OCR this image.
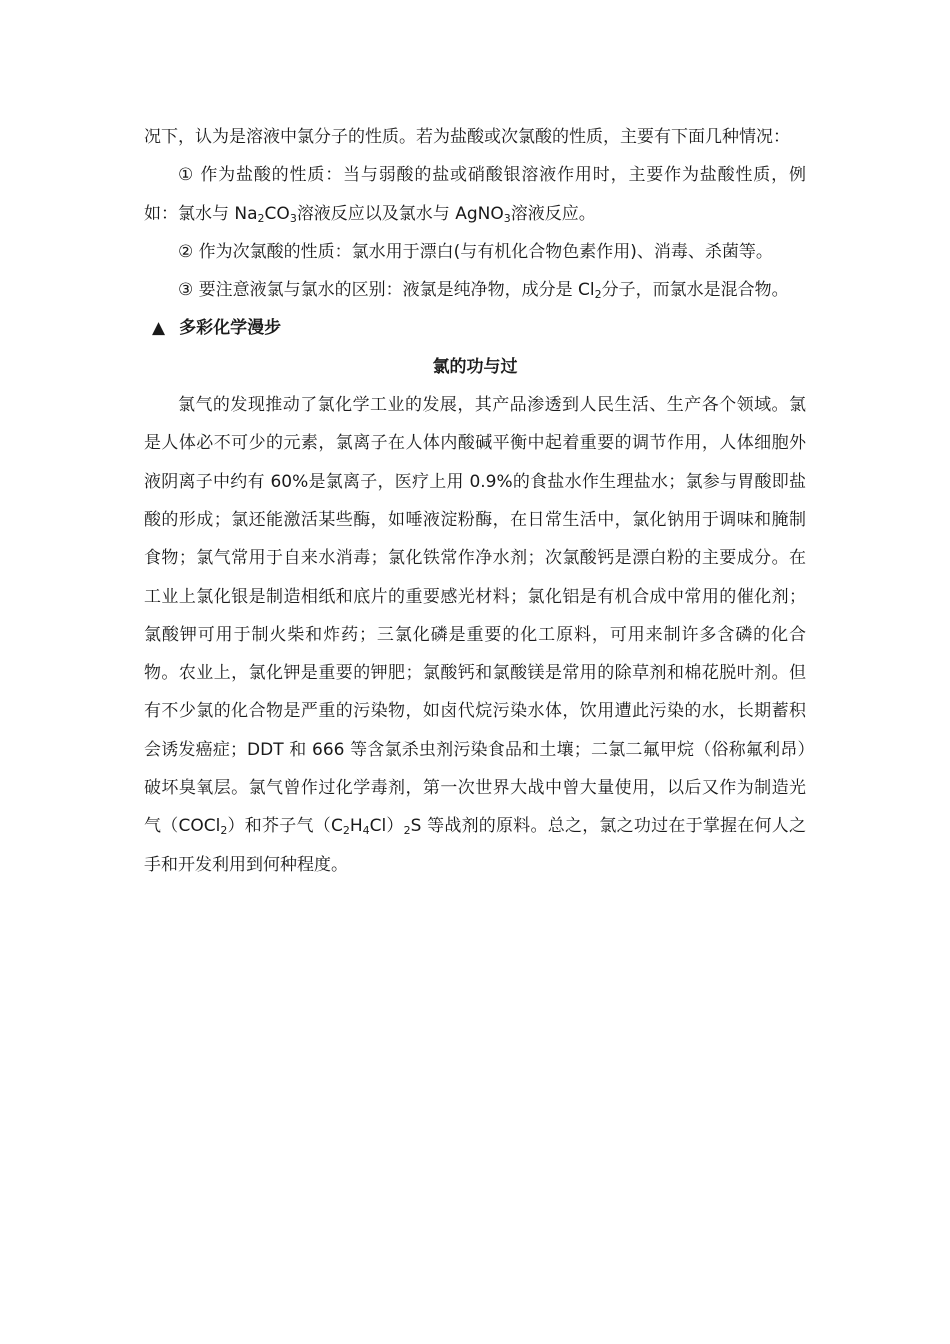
况下，认为是溶液中氯分子的性质。若为盐酸或次氯酸的性质，主要有下面几种情况：

① 作为盐酸的性质：当与弱酸的盐或硝酸银溶液作用时，主要作为盐酸性质，例如：氯水与 $Na_2CO_3$溶液反应以及氯水与 AgNO$_3$溶液反应。

② 作为次氯酸的性质：氯水用于漂白(与有机化合物色素作用)、消毒、杀菌等。

③ 要注意液氯与氯水的区别：液氯是纯净物，成分是 $Cl_2$分子，而氯水是混合物。

▲ 多彩化学漫步

氯的功与过

氯气的发现推动了氯化学工业的发展，其产品渗透到人民生活、生产各个领域。氯是人体必不可少的元素，氯离子在人体内酸碱平衡中起着重要的调节作用，人体细胞外液阴离子中约有 60%是氯离子，医疗上用 0.9%的食盐水作生理盐水；氯参与胃酸即盐酸的形成；氯还能激活某些酶，如唾液淀粉酶，在日常生活中，氯化钠用于调味和腌制食物；氯气常用于自来水消毒；氯化铁常作净水剂；次氯酸钙是漂白粉的主要成分。在工业上氯化银是制造相纸和底片的重要感光材料；氯化铝是有机合成中常用的催化剂；氯酸钾可用于制火柴和炸药；三氯化磷是重要的化工原料，可用来制许多含磷的化合物。农业上，氯化钾是重要的钾肥；氯酸钙和氯酸镁是常用的除草剂和棉花脱叶剂。但有不少氯的化合物是严重的污染物，如卤代烷污染水体，饮用遭此污染的水，长期蓄积会诱发癌症；DDT 和 666 等含氯杀虫剂污染食品和土壤；二氯二氟甲烷（俗称氟利昂）破坏臭氧层。氯气曾作过化学毒剂，第一次世界大战中曾大量使用，以后又作为制造光气（COCl$_2$）和芥子气$(C_2H_4Cl)_2S$ 等战剂的原料。总之，氯之功过在于掌握在何人之手和开发利用到何种程度。
